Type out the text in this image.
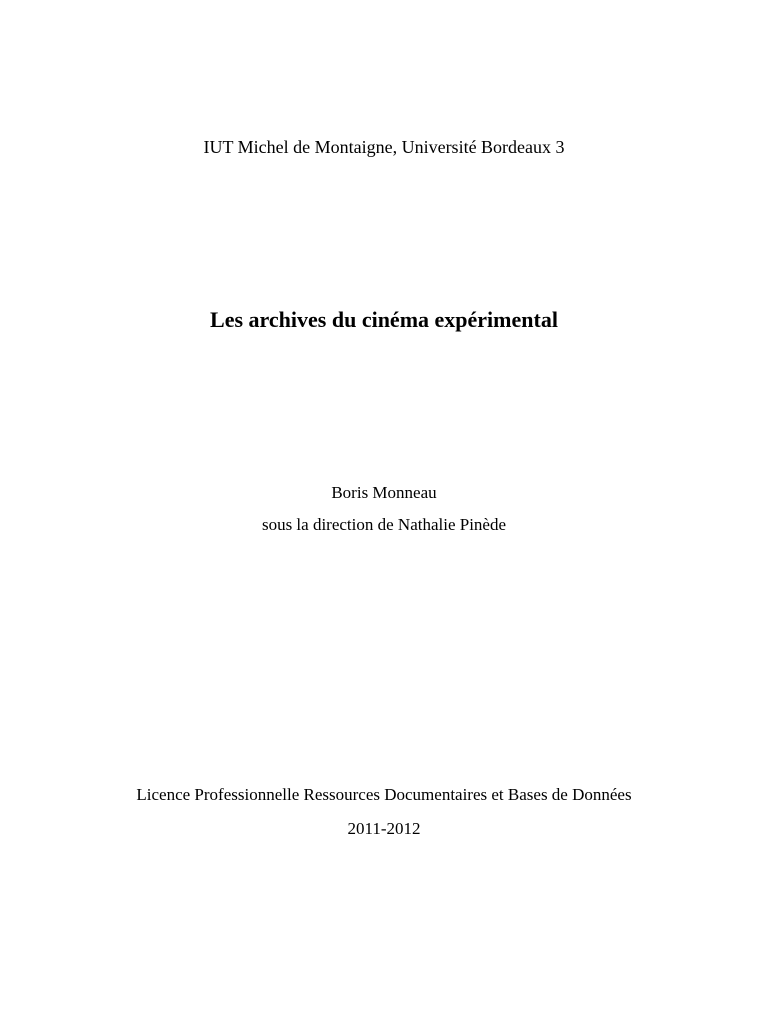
IUT Michel de Montaigne, Université Bordeaux 3
Les archives du cinéma expérimental
Boris Monneau
sous la direction de Nathalie Pinède
Licence Professionnelle Ressources Documentaires et Bases de Données
2011-2012
